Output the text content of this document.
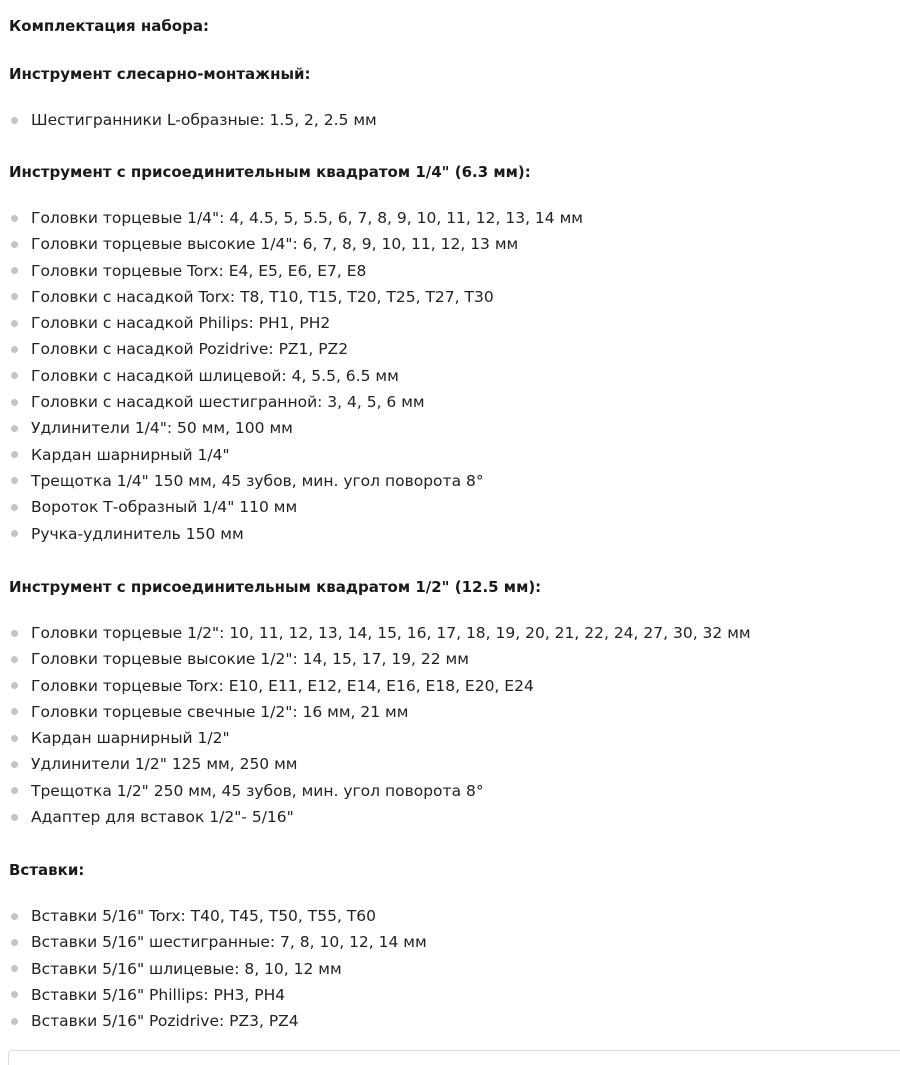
Комплектация набора:
Инструмент слесарно-монтажный:
Шестигранники L-образные: 1.5, 2, 2.5 мм
Инструмент с присоединительным квадратом 1/4" (6.3 мм):
Головки торцевые 1/4": 4, 4.5, 5, 5.5, 6, 7, 8, 9, 10, 11, 12, 13, 14 мм
Головки торцевые высокие 1/4": 6, 7, 8, 9, 10, 11, 12, 13 мм
Головки торцевые Torx: E4, E5, E6, E7, E8
Головки с насадкой Torx: T8, T10, T15, T20, T25, T27, T30
Головки с насадкой Philips: PH1, PH2
Головки с насадкой Pozidrive: PZ1, PZ2
Головки с насадкой шлицевой: 4, 5.5, 6.5 мм
Головки с насадкой шестигранной: 3, 4, 5, 6 мм
Удлинители 1/4": 50 мм, 100 мм
Кардан шарнирный 1/4"
Трещотка 1/4" 150 мм, 45 зубов, мин. угол поворота 8°
Вороток Т-образный 1/4" 110 мм
Ручка-удлинитель 150 мм
Инструмент с присоединительным квадратом 1/2" (12.5 мм):
Головки торцевые 1/2": 10, 11, 12, 13, 14, 15, 16, 17, 18, 19, 20, 21, 22, 24, 27, 30, 32 мм
Головки торцевые высокие 1/2": 14, 15, 17, 19, 22 мм
Головки торцевые Torx: E10, E11, E12, E14, E16, E18, E20, E24
Головки торцевые свечные 1/2": 16 мм, 21 мм
Кардан шарнирный 1/2"
Удлинители 1/2" 125 мм, 250 мм
Трещотка 1/2" 250 мм, 45 зубов, мин. угол поворота 8°
Адаптер для вставок 1/2"- 5/16"
Вставки:
Вставки 5/16" Torx: T40, T45, T50, T55, T60
Вставки 5/16" шестигранные: 7, 8, 10, 12, 14 мм
Вставки 5/16" шлицевые: 8, 10, 12 мм
Вставки 5/16" Phillips: PH3, PH4
Вставки 5/16" Pozidrive: PZ3, PZ4
